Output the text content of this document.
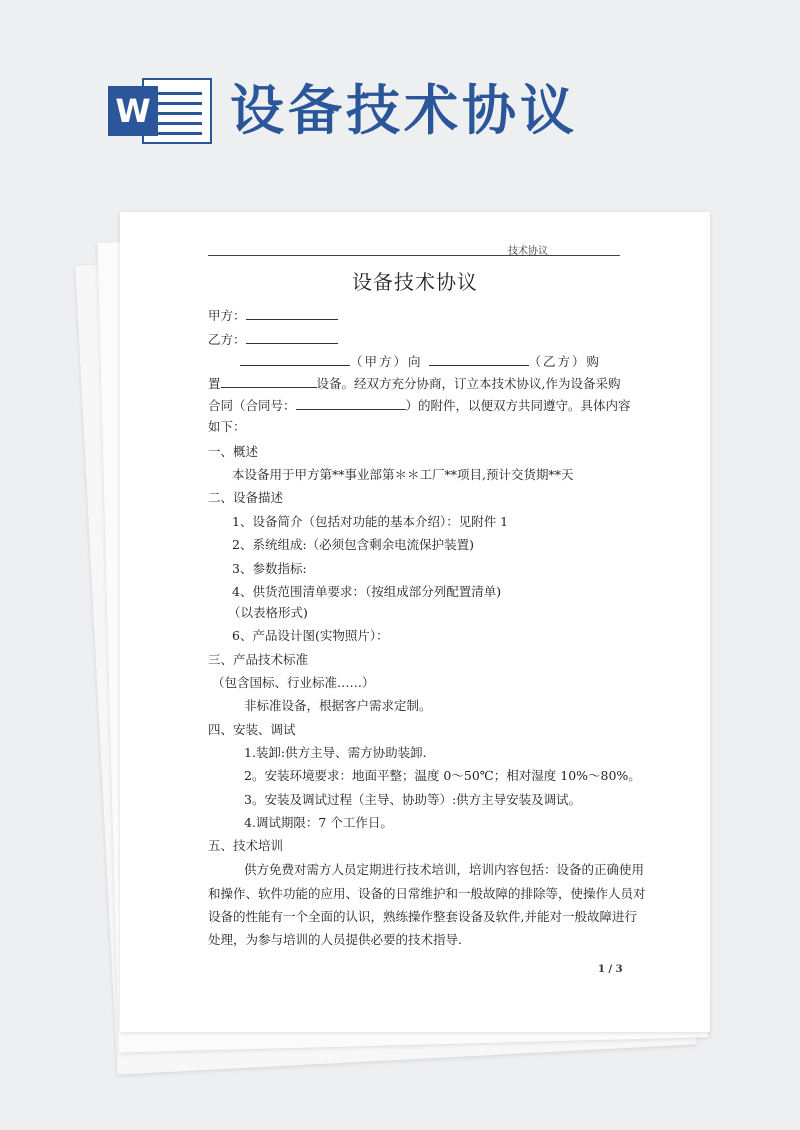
W 设备技术协议
技术协议
设备技术协议
甲方：
乙方：
（甲方）向	（乙方）购
置	设备。经双方充分协商，订立本技术协议,作为设备采购
合同（合同号：	）的附件，以便双方共同遵守。具体内容
如下：
一、概述
本设备用于甲方第**事业部第＊＊工厂**项目,预计交货期**天
二、设备描述
1、设备简介（包括对功能的基本介绍）：见附件 1
2、系统组成:（必须包含剩余电流保护装置)
3、参数指标:
4、供货范围清单要求：（按组成部分列配置清单)
（以表格形式)
6、产品设计图(实物照片）：
三、产品技术标准
（包含国标、行业标准……）
非标准设备，根据客户需求定制。
四、安装、调试
1.装卸:供方主导、需方协助装卸.
2。安装环境要求：地面平整；温度 0～50℃；相对湿度 10%～80%。
3。安装及调试过程（主导、协助等）:供方主导安装及调试。
4.调试期限：7 个工作日。
五、技术培训
供方免费对需方人员定期进行技术培训，培训内容包括：设备的正确使用
和操作、软件功能的应用、设备的日常维护和一般故障的排除等，使操作人员对
设备的性能有一个全面的认识，熟练操作整套设备及软件,并能对一般故障进行
处理，为参与培训的人员提供必要的技术指导.
1 / 3
